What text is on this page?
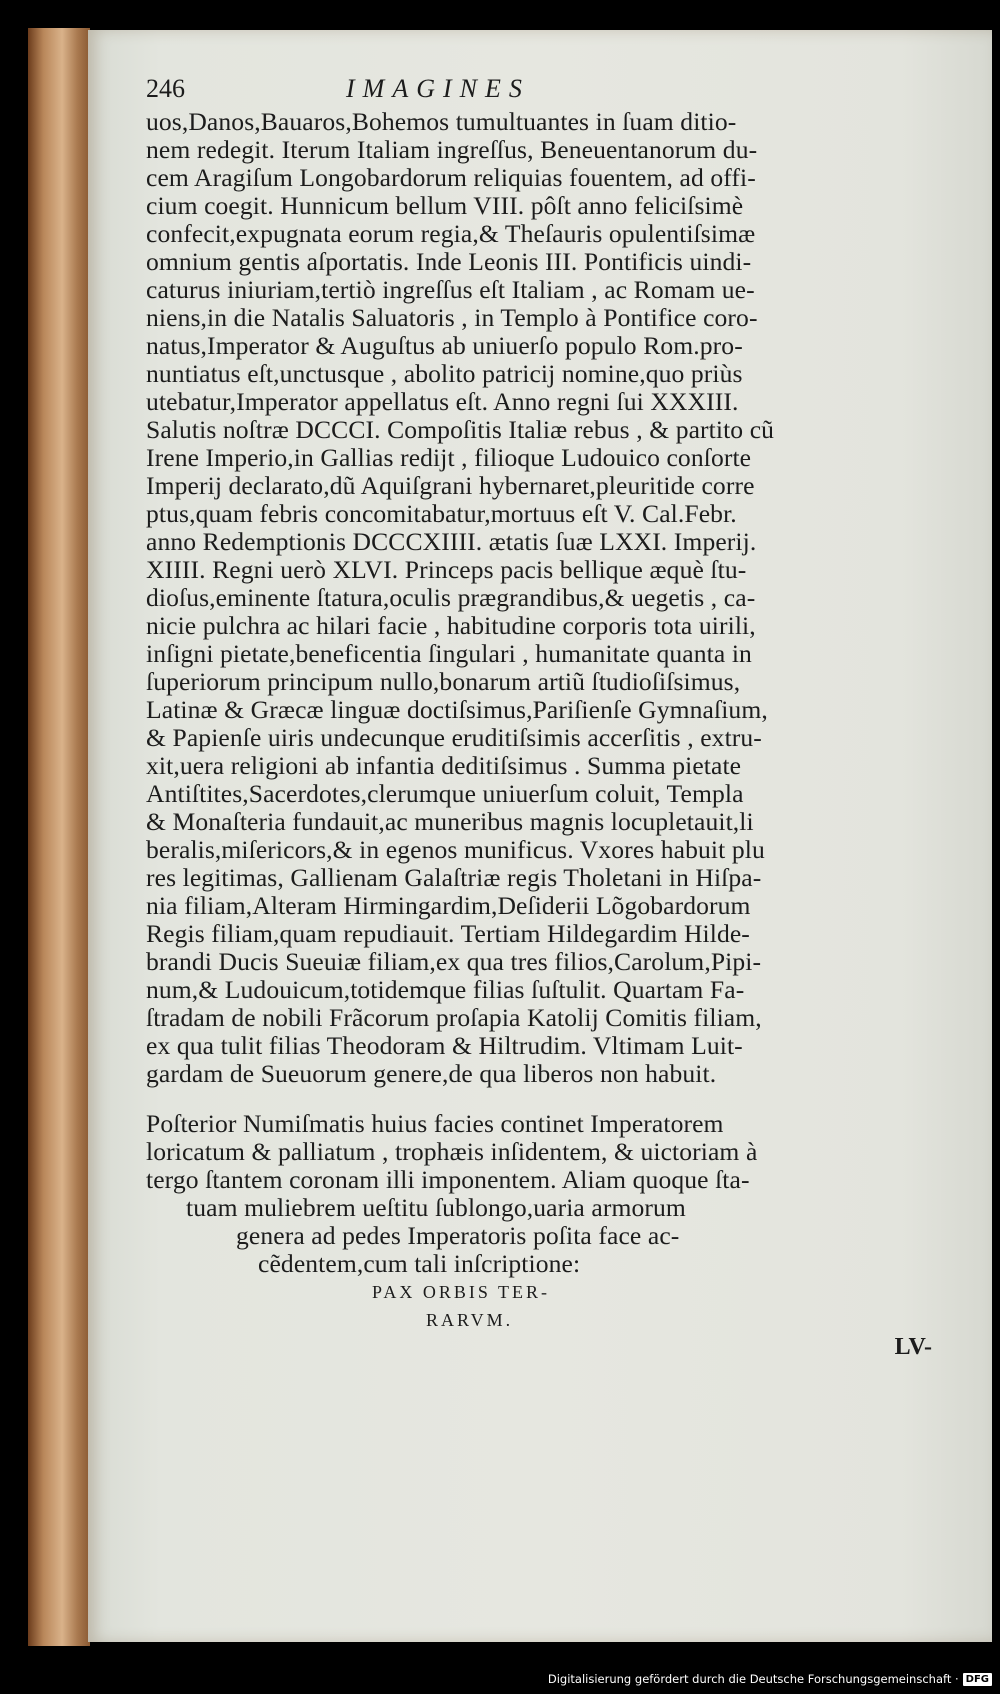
246	IMAGINES
uos,Danos,Bauaros,Bohemos tumultuantes in ſuam ditio-
nem redegit. Iterum Italiam ingreſſus, Beneuentanorum du-
cem Aragiſum Longobardorum reliquias fouentem, ad offi-
cium coegit. Hunnicum bellum VIII. pôſt anno feliciſsimè
confecit,expugnata eorum regia,& Theſauris opulentiſsimæ
omnium gentis aſportatis. Inde Leonis III. Pontificis uindi-
caturus iniuriam,tertiò ingreſſus eſt Italiam , ac Romam ue-
niens,in die Natalis Saluatoris , in Templo à Pontifice coro-
natus,Imperator & Auguſtus ab uniuerſo populo Rom.pro-
nuntiatus eſt,unctusque , abolito patricij nomine,quo priùs
utebatur,Imperator appellatus eſt. Anno regni ſui XXXIII.
Salutis noſtræ DCCCI. Compoſitis Italiæ rebus , & partito cũ
Irene Imperio,in Gallias redijt , filioque Ludouico conſorte
Imperij declarato,dũ Aquiſgrani hybernaret,pleuritide corre
ptus,quam febris concomitabatur,mortuus eſt V. Cal.Febr.
anno Redemptionis DCCCXIIII. ætatis ſuæ LXXI. Imperij.
XIIII. Regni uerò XLVI. Princeps pacis bellique æquè ſtu-
dioſus,eminente ſtatura,oculis prægrandibus,& uegetis , ca-
nicie pulchra ac hilari facie , habitudine corporis tota uirili,
inſigni pietate,beneficentia ſingulari , humanitate quanta in
ſuperiorum principum nullo,bonarum artiũ ſtudioſiſsimus,
Latinæ & Græcæ linguæ doctiſsimus,Pariſienſe Gymnaſium,
& Papienſe uiris undecunque eruditiſsimis accerſitis , extru-
xit,uera religioni ab infantia deditiſsimus . Summa pietate
Antiſtites,Sacerdotes,clerumque uniuerſum coluit, Templa
& Monaſteria fundauit,ac muneribus magnis locupletauit,li
beralis,miſericors,& in egenos munificus. Vxores habuit plu
res legitimas, Gallienam Galaſtriæ regis Tholetani in Hiſpa-
nia filiam,Alteram Hirmingardim,Deſiderii Lõgobardorum
Regis filiam,quam repudiauit. Tertiam Hildegardim Hilde-
brandi Ducis Sueuiæ filiam,ex qua tres filios,Carolum,Pipi-
num,& Ludouicum,totidemque filias ſuſtulit. Quartam Fa-
ſtradam de nobili Frãcorum proſapia Katolij Comitis filiam,
ex qua tulit filias Theodoram & Hiltrudim. Vltimam Luit-
gardam de Sueuorum genere,de qua liberos non habuit.
Poſterior Numiſmatis huius facies continet Imperatorem
loricatum & palliatum , trophæis inſidentem, & uictoriam à
tergo ſtantem coronam illi imponentem. Aliam quoque ſta-
tuam muliebrem ueſtitu ſublongo,uaria armorum
genera ad pedes Imperatoris poſita face ac-
cẽdentem,cum tali inſcriptione:
PAX ORBIS TER-
RARVM.
LV-
Digitalisierung gefördert durch die Deutsche Forschungsgemeinschaft · DFG
